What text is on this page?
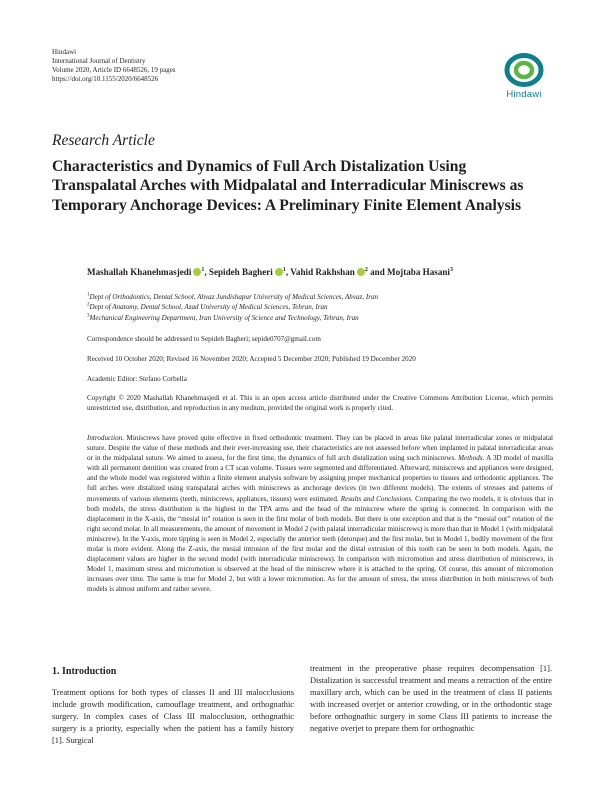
Hindawi
International Journal of Dentistry
Volume 2020, Article ID 6648526, 19 pages
https://doi.org/10.1155/2020/6648526
Hindawi
Research Article
Characteristics and Dynamics of Full Arch Distalization Using Transpalatal Arches with Midpalatal and Interradicular Miniscrews as Temporary Anchorage Devices: A Preliminary Finite Element Analysis
Mashallah Khanehmasjedi $^1$, Sepideh Bagheri $^1$, Vahid Rakhshan $^2$ and Mojtaba Hasani$^3$
$^1$Dept of Orthodontics, Dental School, Ahvaz Jundishapur University of Medical Sciences, Ahvaz, Iran
$^2$Dept of Anatomy, Dental School, Azad University of Medical Sciences, Tehran, Iran
$^3$Mechanical Engineering Department, Iran University of Science and Technology, Tehran, Iran
Correspondence should be addressed to Sepideh Bagheri; sepide0707@gmail.com
Received 10 October 2020; Revised 16 November 2020; Accepted 5 December 2020; Published 19 December 2020
Academic Editor: Stefano Corbella
Copyright © 2020 Mashallah Khanehmasjedi et al. This is an open access article distributed under the Creative Commons Attribution License, which permits unrestricted use, distribution, and reproduction in any medium, provided the original work is properly cited.
Introduction. Miniscrews have proved quite effective in fixed orthodontic treatment. They can be placed in areas like palatal interradicular zones or midpalatal suture. Despite the value of these methods and their ever-increasing use, their characteristics are not assessed before when implanted in palatal interradicular areas or in the midpalatal suture. We aimed to assess, for the first time, the dynamics of full arch distalization using such miniscrews. Methods. A 3D model of maxilla with all permanent dentition was created from a CT scan volume. Tissues were segmented and differentiated. Afterward, miniscrews and appliances were designed, and the whole model was registered within a finite element analysis software by assigning proper mechanical properties to tissues and orthodontic appliances. The full arches were distalized using transpalatal arches with miniscrews as anchorage devices (in two different models). The extents of stresses and patterns of movements of various elements (teeth, miniscrews, appliances, tissues) were estimated. Results and Conclusions. Comparing the two models, it is obvious that in both models, the stress distribution is the highest in the TPA arms and the head of the miniscrew where the spring is connected. In comparison with the displacement in the X-axis, the “mesial in” rotation is seen in the first molar of both models. But there is one exception and that is the “mesial out” rotation of the right second molar. In all measurements, the amount of movement in Model 2 (with palatal interradicular miniscrews) is more than that in Model 1 (with midpalatal miniscrew). In the Y-axis, more tipping is seen in Model 2, especially the anterior teeth (detorque) and the first molar, but in Model 1, bodily movement of the first molar is more evident. Along the Z-axis, the mesial intrusion of the first molar and the distal extrusion of this tooth can be seen in both models. Again, the displacement values are higher in the second model (with interradicular miniscrews). In comparison with micromotion and stress distribution of miniscrews, in Model 1, maximum stress and micromotion is observed at the head of the miniscrew where it is attached to the spring. Of course, this amount of micromotion increases over time. The same is true for Model 2, but with a lower micromotion. As for the amount of stress, the stress distribution in both miniscrews of both models is almost uniform and rather severe.
1. Introduction
Treatment options for both types of classes II and III malocclusions include growth modification, camouflage treatment, and orthognathic surgery. In complex cases of Class III malocclusion, orthognathic surgery is a priority, especially when the patient has a family history [1]. Surgical
treatment in the preoperative phase requires decompensation [1]. Distalization is successful treatment and means a retraction of the entire maxillary arch, which can be used in the treatment of class II patients with increased overjet or anterior crowding, or in the orthodontic stage before orthognathic surgery in some Class III patients to increase the negative overjet to prepare them for orthognathic
